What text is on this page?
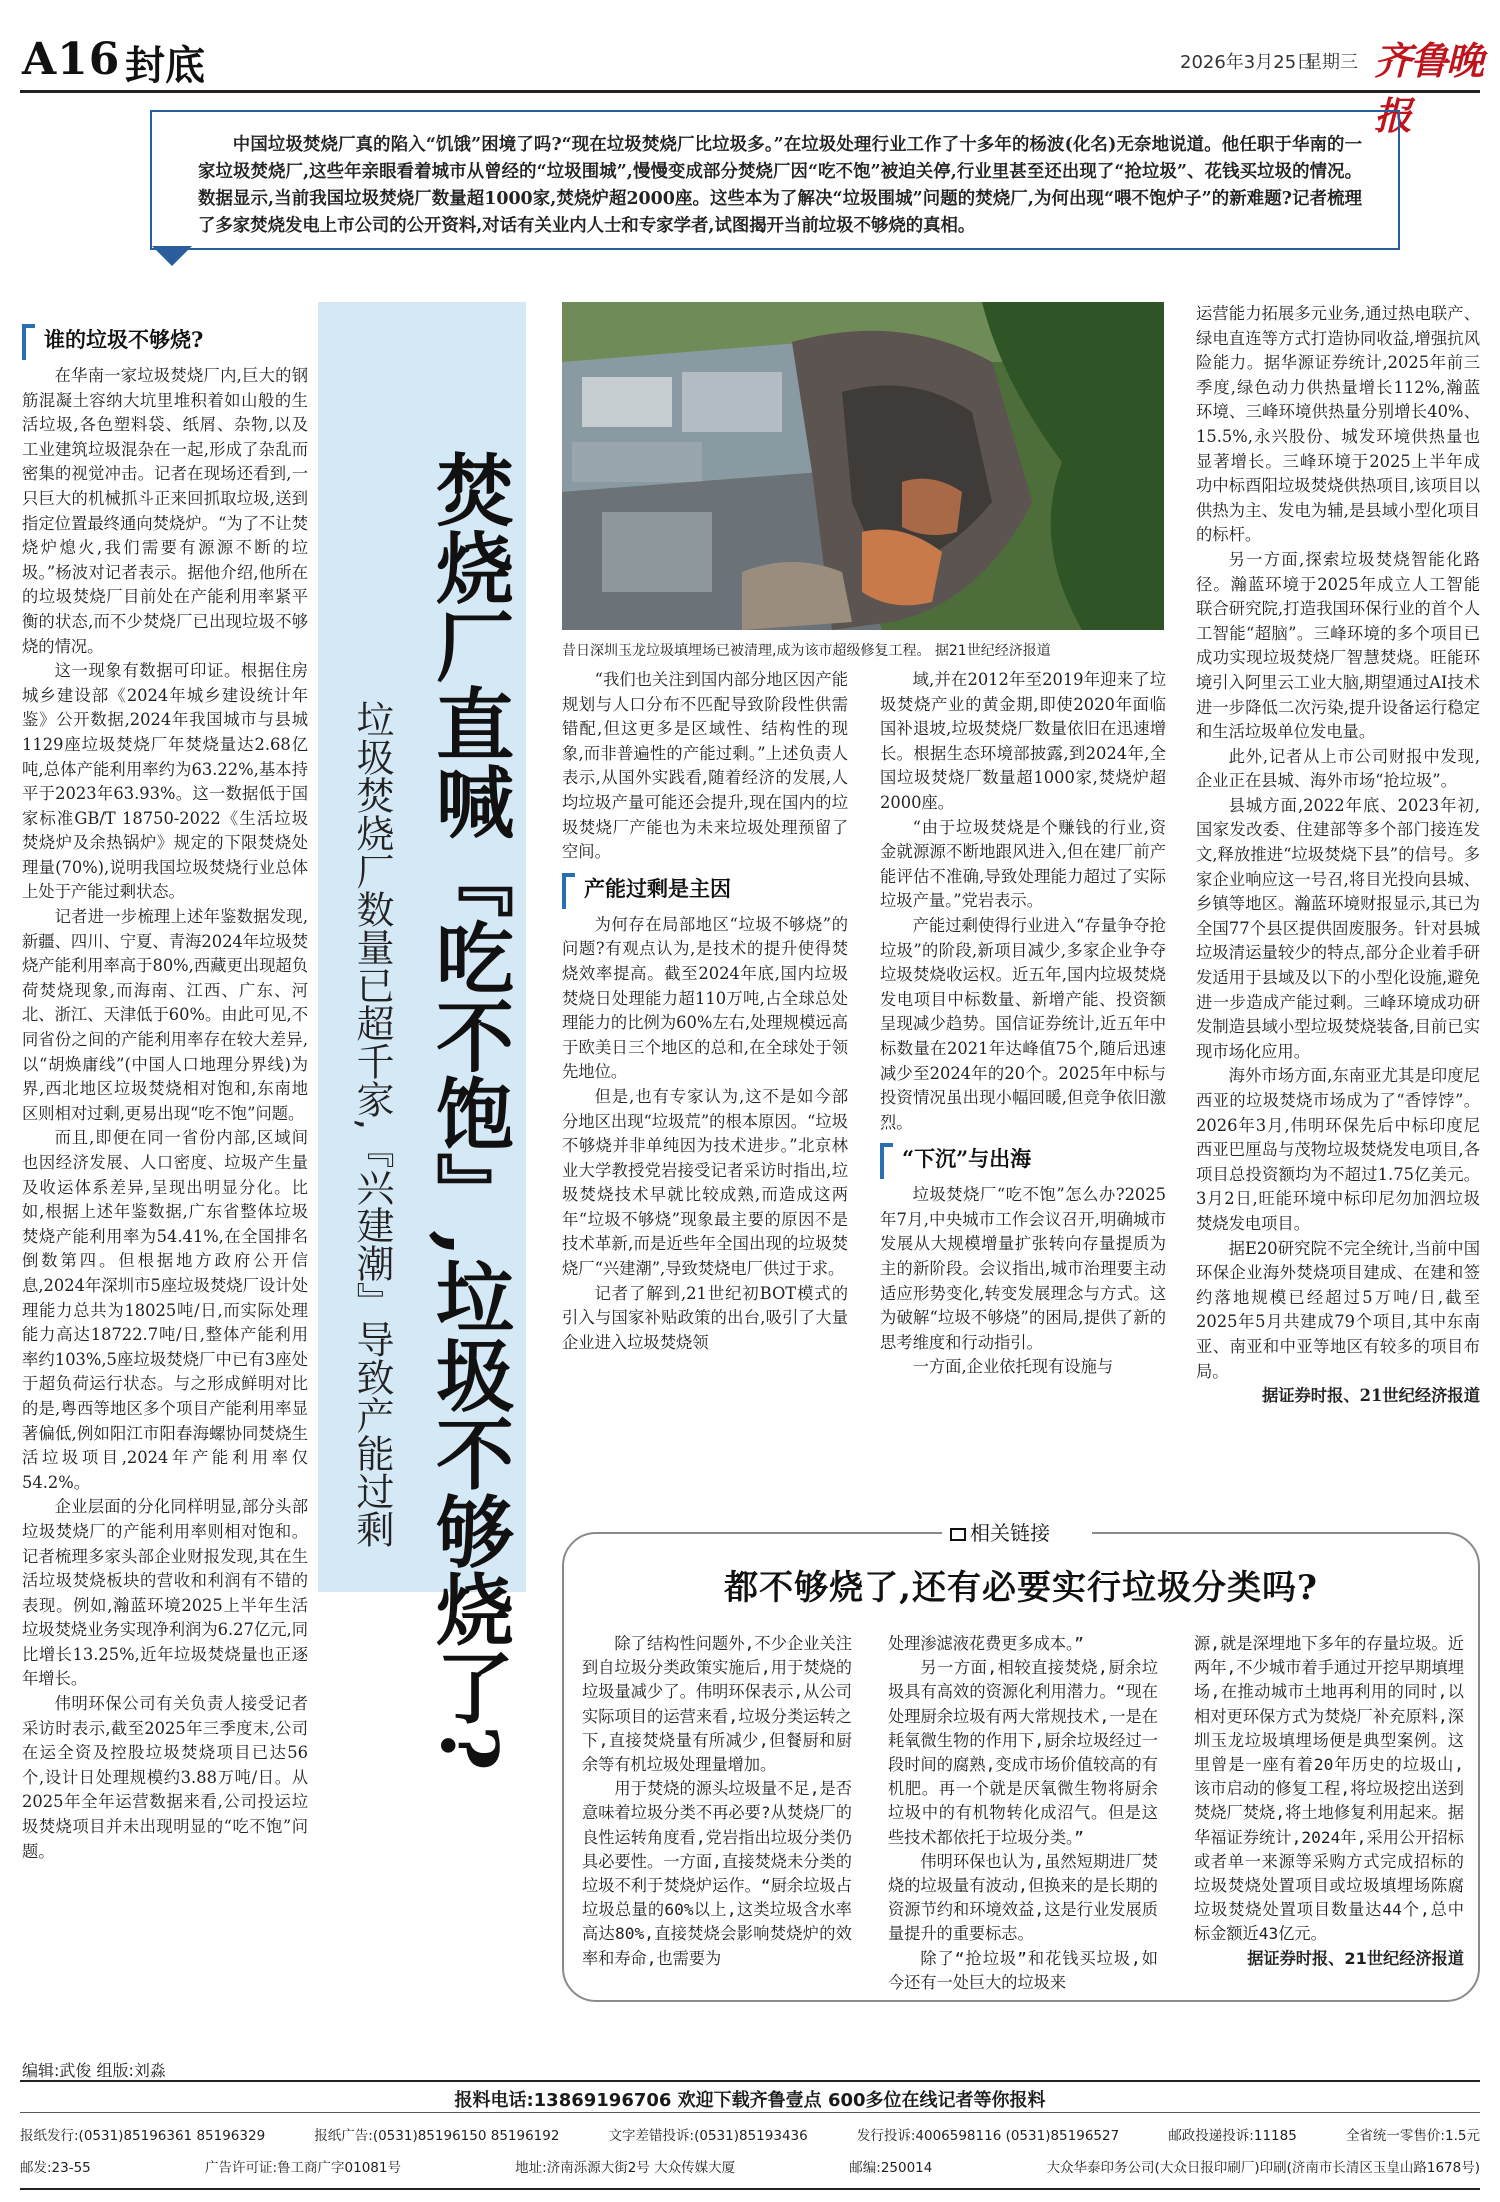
A16 封底	2026年3月25日
星期三 齐鲁晚报
中国垃圾焚烧厂真的陷入“饥饿”困境了吗?“现在垃圾焚烧厂比垃圾多。”在垃圾处理行业工作了十多年的杨波(化名)无奈地说道。他任职于华南的一家垃圾焚烧厂,这些年亲眼看着城市从曾经的“垃圾围城”,慢慢变成部分焚烧厂因“吃不饱”被迫关停,行业里甚至还出现了“抢垃圾”、花钱买垃圾的情况。数据显示,当前我国垃圾焚烧厂数量超1000家,焚烧炉超2000座。这些本为了解决“垃圾围城”问题的焚烧厂,为何出现“喂不饱炉子”的新难题?记者梳理了多家焚烧发电上市公司的公开资料,对话有关业内人士和专家学者,试图揭开当前垃圾不够烧的真相。
谁的垃圾不够烧?

在华南一家垃圾焚烧厂内,巨大的钢筋混凝土容纳大坑里堆积着如山般的生活垃圾,各色塑料袋、纸屑、杂物,以及工业建筑垃圾混杂在一起,形成了杂乱而密集的视觉冲击。记者在现场还看到,一只巨大的机械抓斗正来回抓取垃圾,送到指定位置最终通向焚烧炉。“为了不让焚烧炉熄火,我们需要有源源不断的垃圾。”杨波对记者表示。据他介绍,他所在的垃圾焚烧厂目前处在产能利用率紧平衡的状态,而不少焚烧厂已出现垃圾不够烧的情况。

这一现象有数据可印证。根据住房城乡建设部《2024年城乡建设统计年鉴》公开数据,2024年我国城市与县城1129座垃圾焚烧厂年焚烧量达2.68亿吨,总体产能利用率约为63.22%,基本持平于2023年63.93%。这一数据低于国家标准GB/T 18750-2022《生活垃圾焚烧炉及余热锅炉》规定的下限焚烧处理量(70%),说明我国垃圾焚烧行业总体上处于产能过剩状态。

记者进一步梳理上述年鉴数据发现,新疆、四川、宁夏、青海2024年垃圾焚烧产能利用率高于80%,西藏更出现超负荷焚烧现象,而海南、江西、广东、河北、浙江、天津低于60%。由此可见,不同省份之间的产能利用率存在较大差异,以“胡焕庸线”(中国人口地理分界线)为界,西北地区垃圾焚烧相对饱和,东南地区则相对过剩,更易出现“吃不饱”问题。

而且,即便在同一省份内部,区域间也因经济发展、人口密度、垃圾产生量及收运体系差异,呈现出明显分化。比如,根据上述年鉴数据,广东省整体垃圾焚烧产能利用率为54.41%,在全国排名倒数第四。但根据地方政府公开信息,2024年深圳市5座垃圾焚烧厂设计处理能力总共为18025吨/日,而实际处理能力高达18722.7吨/日,整体产能利用率约103%,5座垃圾焚烧厂中已有3座处于超负荷运行状态。与之形成鲜明对比的是,粤西等地区多个项目产能利用率显著偏低,例如阳江市阳春海螺协同焚烧生活垃圾项目,2024年产能利用率仅54.2%。

企业层面的分化同样明显,部分头部垃圾焚烧厂的产能利用率则相对饱和。记者梳理多家头部企业财报发现,其在生活垃圾焚烧板块的营收和利润有不错的表现。例如,瀚蓝环境2025上半年生活垃圾焚烧业务实现净利润为6.27亿元,同比增长13.25%,近年垃圾焚烧量也正逐年增长。

伟明环保公司有关负责人接受记者采访时表示,截至2025年三季度末,公司在运全资及控股垃圾焚烧项目已达56个,设计日处理规模约3.88万吨/日。从2025年全年运营数据来看,公司投运垃圾焚烧项目并未出现明显的“吃不饱”问题。

焚烧厂直喊『吃不饱』,垃圾不够烧了?
垃圾焚烧厂数量已超千家,『兴建潮』导致产能过剩
昔日深圳玉龙垃圾填埋场已被清理,成为该市超级修复工程。 据21世纪经济报道

“我们也关注到国内部分地区因产能规划与人口分布不匹配导致阶段性供需错配,但这更多是区域性、结构性的现象,而非普遍性的产能过剩。”上述负责人表示,从国外实践看,随着经济的发展,人均垃圾产量可能还会提升,现在国内的垃圾焚烧厂产能也为未来垃圾处理预留了空间。

产能过剩是主因

为何存在局部地区“垃圾不够烧”的问题?有观点认为,是技术的提升使得焚烧效率提高。截至2024年底,国内垃圾焚烧日处理能力超110万吨,占全球总处理能力的比例为60%左右,处理规模远高于欧美日三个地区的总和,在全球处于领先地位。

但是,也有专家认为,这不是如今部分地区出现“垃圾荒”的根本原因。“垃圾不够烧并非单纯因为技术进步。”北京林业大学教授党岩接受记者采访时指出,垃圾焚烧技术早就比较成熟,而造成这两年“垃圾不够烧”现象最主要的原因不是技术革新,而是近些年全国出现的垃圾焚烧厂“兴建潮”,导致焚烧电厂供过于求。

记者了解到,21世纪初BOT模式的引入与国家补贴政策的出台,吸引了大量企业进入垃圾焚烧领

域,并在2012年至2019年迎来了垃圾焚烧产业的黄金期,即使2020年面临国补退坡,垃圾焚烧厂数量依旧在迅速增长。根据生态环境部披露,到2024年,全国垃圾焚烧厂数量超1000家,焚烧炉超2000座。

“由于垃圾焚烧是个赚钱的行业,资金就源源不断地跟风进入,但在建厂前产能评估不准确,导致处理能力超过了实际垃圾产量。”党岩表示。

产能过剩使得行业进入“存量争夺抢垃圾”的阶段,新项目减少,多家企业争夺垃圾焚烧收运权。近五年,国内垃圾焚烧发电项目中标数量、新增产能、投资额呈现减少趋势。国信证券统计,近五年中标数量在2021年达峰值75个,随后迅速减少至2024年的20个。2025年中标与投资情况虽出现小幅回暖,但竞争依旧激烈。

“下沉”与出海

垃圾焚烧厂“吃不饱”怎么办?2025年7月,中央城市工作会议召开,明确城市发展从大规模增量扩张转向存量提质为主的新阶段。会议指出,城市治理要主动适应形势变化,转变发展理念与方式。这为破解“垃圾不够烧”的困局,提供了新的思考维度和行动指引。

一方面,企业依托现有设施与

运营能力拓展多元业务,通过热电联产、绿电直连等方式打造协同收益,增强抗风险能力。据华源证券统计,2025年前三季度,绿色动力供热量增长112%,瀚蓝环境、三峰环境供热量分别增长40%、15.5%,永兴股份、城发环境供热量也显著增长。三峰环境于2025上半年成功中标酉阳垃圾焚烧供热项目,该项目以供热为主、发电为辅,是县域小型化项目的标杆。

另一方面,探索垃圾焚烧智能化路径。瀚蓝环境于2025年成立人工智能联合研究院,打造我国环保行业的首个人工智能“超脑”。三峰环境的多个项目已成功实现垃圾焚烧厂智慧焚烧。旺能环境引入阿里云工业大脑,期望通过AI技术进一步降低二次污染,提升设备运行稳定和生活垃圾单位发电量。

此外,记者从上市公司财报中发现,企业正在县城、海外市场“抢垃圾”。

县城方面,2022年底、2023年初,国家发改委、住建部等多个部门接连发文,释放推进“垃圾焚烧下县”的信号。多家企业响应这一号召,将目光投向县城、乡镇等地区。瀚蓝环境财报显示,其已为全国77个县区提供固废服务。针对县城垃圾清运量较少的特点,部分企业着手研发适用于县域及以下的小型化设施,避免进一步造成产能过剩。三峰环境成功研发制造县域小型垃圾焚烧装备,目前已实现市场化应用。

海外市场方面,东南亚尤其是印度尼西亚的垃圾焚烧市场成为了“香饽饽”。2026年3月,伟明环保先后中标印度尼西亚巴厘岛与茂物垃圾焚烧发电项目,各项目总投资额均为不超过1.75亿美元。3月2日,旺能环境中标印尼勿加泗垃圾焚烧发电项目。

据E20研究院不完全统计,当前中国环保企业海外焚烧项目建成、在建和签约落地规模已经超过5万吨/日,截至2025年5月共建成79个项目,其中东南亚、南亚和中亚等地区有较多的项目布局。

据证券时报、21世纪经济报道

相关链接
都不够烧了,还有必要实行垃圾分类吗?

除了结构性问题外,不少企业关注到自垃圾分类政策实施后,用于焚烧的垃圾量减少了。伟明环保表示,从公司实际项目的运营来看,垃圾分类运转之下,直接焚烧量有所减少,但餐厨和厨余等有机垃圾处理量增加。

用于焚烧的源头垃圾量不足,是否意味着垃圾分类不再必要?从焚烧厂的良性运转角度看,党岩指出垃圾分类仍具必要性。一方面,直接焚烧未分类的垃圾不利于焚烧炉运作。“厨余垃圾占垃圾总量的60%以上,这类垃圾含水率高达80%,直接焚烧会影响焚烧炉的效率和寿命,也需要为

处理渗滤液花费更多成本。”

另一方面,相较直接焚烧,厨余垃圾具有高效的资源化利用潜力。“现在处理厨余垃圾有两大常规技术,一是在耗氧微生物的作用下,厨余垃圾经过一段时间的腐熟,变成市场价值较高的有机肥。再一个就是厌氧微生物将厨余垃圾中的有机物转化成沼气。但是这些技术都依托于垃圾分类。”

伟明环保也认为,虽然短期进厂焚烧的垃圾量有波动,但换来的是长期的资源节约和环境效益,这是行业发展质量提升的重要标志。

除了“抢垃圾”和花钱买垃圾,如今还有一处巨大的垃圾来

源,就是深埋地下多年的存量垃圾。近两年,不少城市着手通过开挖早期填埋场,在推动城市土地再利用的同时,以相对更环保方式为焚烧厂补充原料,深圳玉龙垃圾填埋场便是典型案例。这里曾是一座有着20年历史的垃圾山,该市启动的修复工程,将垃圾挖出送到焚烧厂焚烧,将土地修复利用起来。据华福证券统计,2024年,采用公开招标或者单一来源等采购方式完成招标的垃圾焚烧处置项目或垃圾填埋场陈腐垃圾焚烧处置项目数量达44个,总中标金额近43亿元。

据证券时报、21世纪经济报道

编辑:武俊 组版:刘淼
报料电话:13869196706 欢迎下载齐鲁壹点 600多位在线记者等你报料
报纸发行:(0531)85196361 85196329	报纸广告:(0531)85196150 85196192	文字差错投诉:(0531)85193436	发行投诉:4006598116 (0531)85196527	邮政投递投诉:11185	全省统一零售价:1.5元
邮发:23-55	广告许可证:鲁工商广字01081号	地址:济南泺源大街2号 大众传媒大厦	邮编:250014	大众华泰印务公司(大众日报印刷厂)印刷(济南市长清区玉皇山路1678号)
